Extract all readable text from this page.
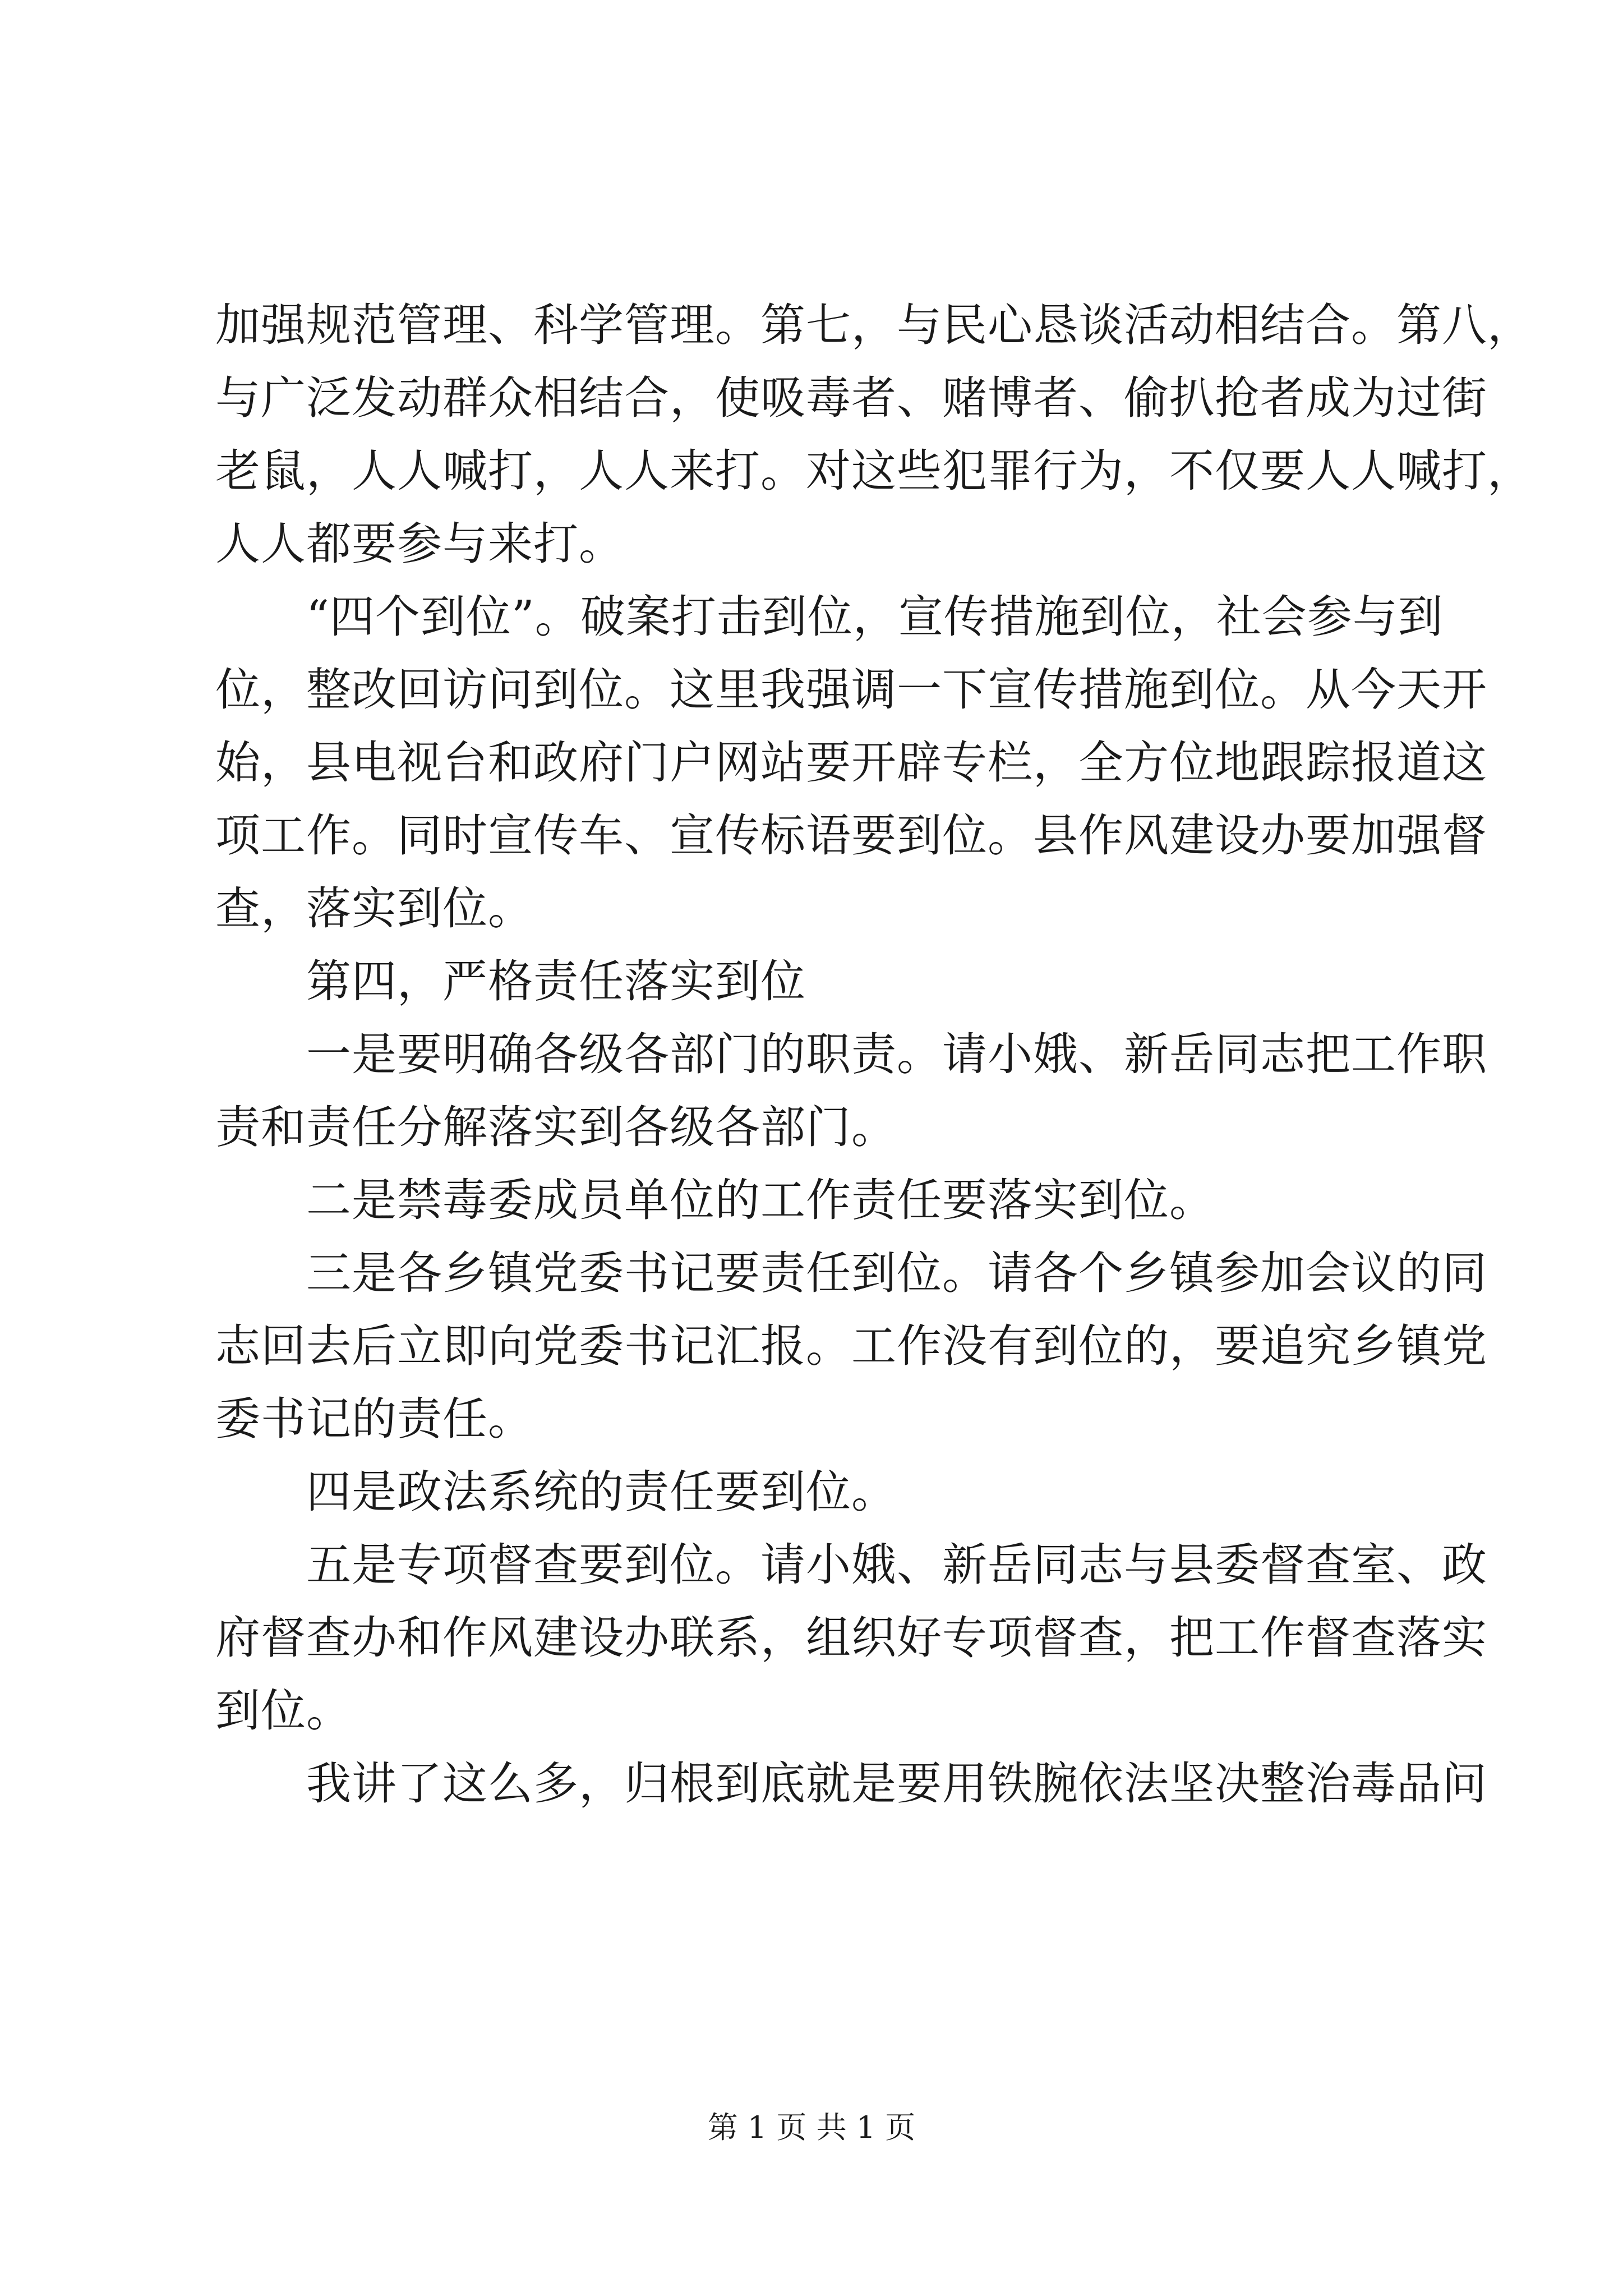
加强规范管理、科学管理。第七，与民心恳谈活动相结合。第八，
与广泛发动群众相结合，使吸毒者、赌博者、偷扒抢者成为过街
老鼠，人人喊打，人人来打。对这些犯罪行为，不仅要人人喊打，
人人都要参与来打。
　　“四个到位”。破案打击到位，宣传措施到位，社会参与到
位，整改回访问到位。这里我强调一下宣传措施到位。从今天开
始，县电视台和政府门户网站要开辟专栏，全方位地跟踪报道这
项工作。同时宣传车、宣传标语要到位。县作风建设办要加强督
查，落实到位。
　　第四，严格责任落实到位
　　一是要明确各级各部门的职责。请小娥、新岳同志把工作职
责和责任分解落实到各级各部门。
　　二是禁毒委成员单位的工作责任要落实到位。
　　三是各乡镇党委书记要责任到位。请各个乡镇参加会议的同
志回去后立即向党委书记汇报。工作没有到位的，要追究乡镇党
委书记的责任。
　　四是政法系统的责任要到位。
　　五是专项督查要到位。请小娥、新岳同志与县委督查室、政
府督查办和作风建设办联系，组织好专项督查，把工作督查落实
到位。
　　我讲了这么多，归根到底就是要用铁腕依法坚决整治毒品问
第 1 页 共 1 页
